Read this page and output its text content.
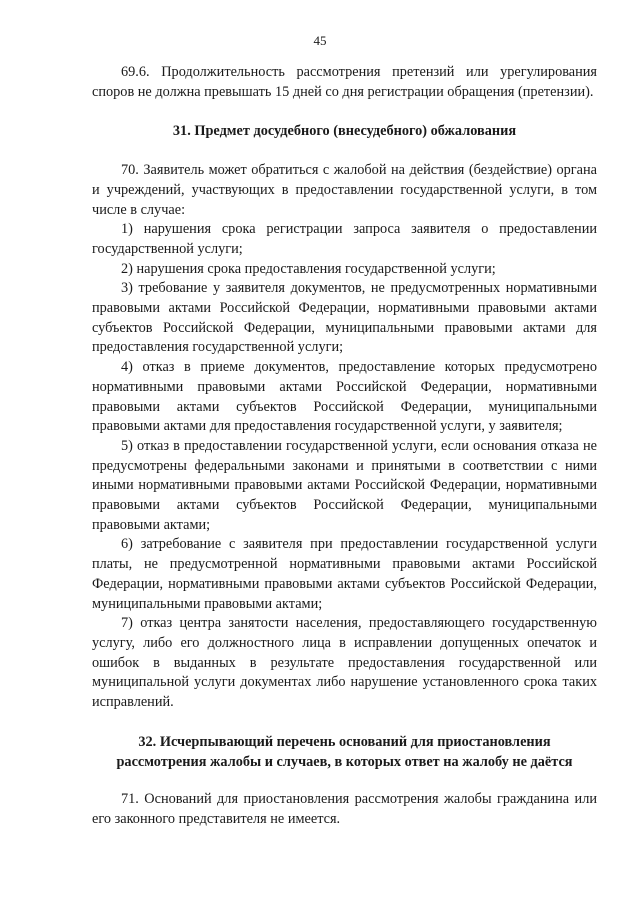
45

69.6. Продолжительность рассмотрения претензий или урегулирования споров не должна превышать 15 дней со дня регистрации обращения (претензии).

31. Предмет досудебного (внесудебного) обжалования

70. Заявитель может обратиться с жалобой на действия (бездействие) органа и учреждений, участвующих в предоставлении государственной услуги, в том числе в случае:

1) нарушения срока регистрации запроса заявителя о предоставлении государственной услуги;

2) нарушения срока предоставления государственной услуги;

3) требование у заявителя документов, не предусмотренных нормативными правовыми актами Российской Федерации, нормативными правовыми актами субъектов Российской Федерации, муниципальными правовыми актами для предоставления государственной услуги;

4) отказ в приеме документов, предоставление которых предусмотрено нормативными правовыми актами Российской Федерации, нормативными правовыми актами субъектов Российской Федерации, муниципальными правовыми актами для предоставления государственной услуги, у заявителя;

5) отказ в предоставлении государственной услуги, если основания отказа не предусмотрены федеральными законами и принятыми в соответствии с ними иными нормативными правовыми актами Российской Федерации, нормативными правовыми актами субъектов Российской Федерации, муниципальными правовыми актами;

6) затребование с заявителя при предоставлении государственной услуги платы, не предусмотренной нормативными правовыми актами Российской Федерации, нормативными правовыми актами субъектов Российской Федерации, муниципальными правовыми актами;

7) отказ центра занятости населения, предоставляющего государственную услугу, либо его должностного лица в исправлении допущенных опечаток и ошибок в выданных в результате предоставления государственной или муниципальной услуги документах либо нарушение установленного срока таких исправлений.

32. Исчерпывающий перечень оснований для приостановления
рассмотрения жалобы и случаев, в которых ответ на жалобу не даётся

71. Оснований для приостановления рассмотрения жалобы гражданина или его законного представителя не имеется.
